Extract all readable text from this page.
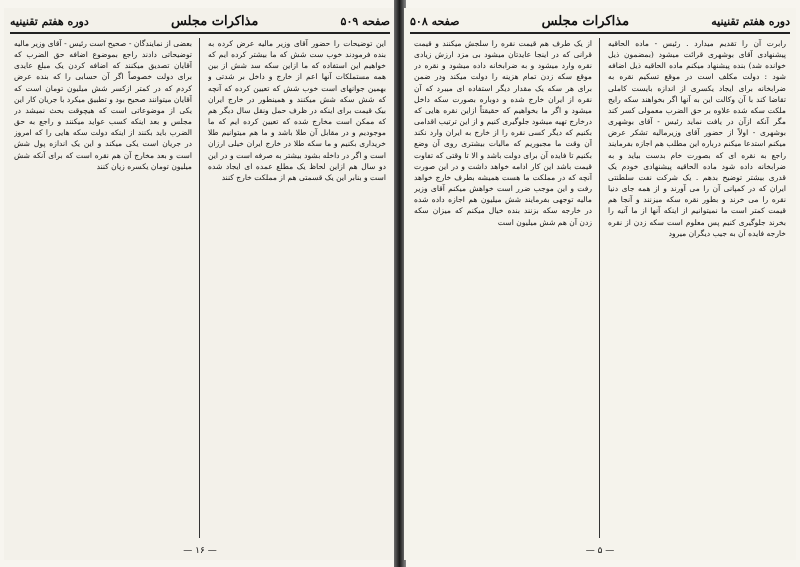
صفحه ۵۰۹
مذاکرات مجلس
دوره هفتم تقنینیه
این توضیحات را حضور آقای وزیر مالیه عرض کرده به بنده فرمودند خوب ست شش که ما بیشتر کرده ایم که خواهیم این استفاده که ما ازاین سکه سد شش از بین همه مستملکات آنها اعم از خارج و داخل بر شدتی و بهمین جوانهای است خوب شش که تعیین کرده که آنچه که شش سکه شش میکنند و همینطور در خارج ایران بیک قیمت برای اینکه در ظرف حمل ونقل سال دیگر هم که ممکن است مخارج شده که تعیین کرده ایم که ما موجودیم و در مقابل آن طلا باشد و ما هم میتوانیم طلا خریداری بکنیم و ما سکه طلا در خارج ایران خیلی ارزان است و اگر در داخله بشود بیشتر به صرفه است و در این دو سال هم ازاین لحاظ یک مطلع عمده ای ایجاد شده است و بنابر این یک قسمتی هم از مملکت خارج کنند
بعضی از نمایندگان - صحیح است رئیس - آقای وزیر مالیه توضیحاتی دادند راجع بموضوع اضافه حق الضرب که آقایان تصدیق میکنند که اضافه کردن یک مبلغ عایدی برای دولت خصوصاً اگر آن حسابی را که بنده عرض کردم که در کمتر ازکسر شش میلیون تومان است که آقایان میتوانند صحیح بود و تطبیق میکرد با جریان کار این یکی از موضوعاتی است که هیچوقت بحث نمیشد در مجلس و بعد اینکه کسب عواید میکنند و راجع به حق الضرب باید بکنند از اینکه دولت سکه هایی را که امروز در جریان است یکی میکند و این یک اندازه پول شش است و بعد مخارج آن هم نقره است که برای آنکه شش میلیون تومان یکسره زیان کنند
— ۱۶ —
دوره هفتم تقنینیه
مذاکرات مجلس
صفحه ۵۰۸
رابرت آن را تقدیم میدارد . رئیس - ماده الحاقیه پیشنهادی آقای بوشهری قرائت میشود (بمضمون ذیل خوانده شد) بنده پیشنهاد میکنم ماده الحاقیه ذیل اضافه شود : دولت مکلف است در موقع تسکیم نقره به ضرابخانه برای ایجاد یکسری از اندازه بایست کاملی تقاضا کند با آن وکالت این به آنها اگر بخواهند سکه رایج ملکت سکه شده علاوه بر حق الضرب معمولی کسر کند مگر آنکه ازآن در یافت نماید رئیس - آقای بوشهری بوشهری - اولاً از حضور آقای وزیرمالیه تشکر عرض میکنم استدعا میکنم درباره این مطلب هم اجازه بفرمایند راجع به نقره ای که بصورت خام بدست بیاید و به ضرابخانه داده شود ماده الحاقیه پیشنهادی خودم یک قدری بیشتر توضیح بدهم . یک شرکت نفت سلطنتی ایران که در کمپانی آن را می آورند و از همه جای دنیا نقره را می خرند و بطور نقره سکه میزنند و آنجا هم قیمت کمتر است ما نمیتوانیم از اینکه آنها از ما آتیه را بخرند جلوگیری کنیم پس معلوم است سکه زدن از نقره خارجه فایده آن به جیب دیگران میرود
از یک طرف هم قیمت نقره را سلجش میکنند و قیمت قرانی که در اینجا عایدتان میشود بی مزد ارزش زیادی نقره وارد میشود و به ضرابخانه داده میشود و نقره در موقع سکه زدن تمام هزینه را دولت میکند ودر ضمن برای هر سکه یک مقدار دیگر استفاده ای میبرد که آن نقره از ایران خارج شده و دوباره بصورت سکه داخل میشود و اگر ما بخواهیم که حقیقتاً ازاین نقره هایی که درخارج تهیه میشود جلوگیری کنیم و از این ترتیب اقدامی بکنیم که دیگر کسی نقره را از خارج به ایران وارد نکند آن وقت ما مجبوریم که مالیات بیشتری روی آن وضع بکنیم تا فایده آن برای دولت باشد و الا تا وقتی که تفاوت قیمت باشد این کار ادامه خواهد داشت و در این صورت آنچه که در مملکت ما هست همیشه بطرف خارج خواهد رفت و این موجب ضرر است خواهش میکنم آقای وزیر مالیه توجهی بفرمایند شش میلیون هم اجازه داده شده در خارجه سکه بزنند بنده خیال میکنم که میزان سکه زدن آن هم شش میلیون است
— ۵ —
